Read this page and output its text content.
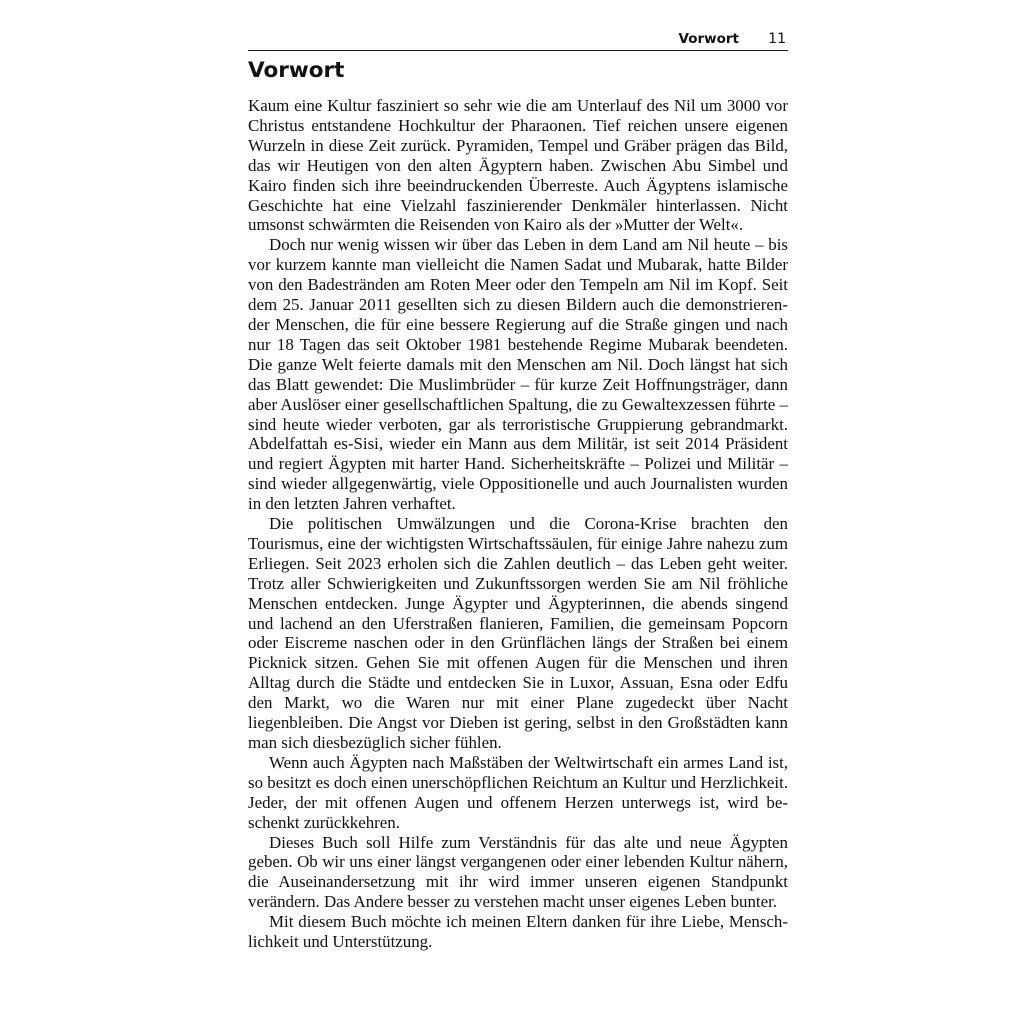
Vorwort 11
Vorwort

Kaum eine Kultur fasziniert so sehr wie die am Unterlauf des Nil um 3000 vor Christus entstandene Hochkultur der Pharaonen. Tief reichen unsere eigenen Wurzeln in diese Zeit zurück. Pyramiden, Tempel und Gräber prägen das Bild, das wir Heutigen von den alten Ägyptern haben. Zwischen Abu Simbel und Kairo finden sich ihre beeindruckenden Überreste. Auch Ägyptens islamische Geschichte hat eine Vielzahl faszinierender Denkmäler hinterlassen. Nicht umsonst schwärmten die Reisenden von Kairo als der »Mutter der Welt«.

Doch nur wenig wissen wir über das Leben in dem Land am Nil heute – bis vor kurzem kannte man vielleicht die Namen Sadat und Mubarak, hatte Bilder von den Badestränden am Roten Meer oder den Tempeln am Nil im Kopf. Seit dem 25. Januar 2011 gesellten sich zu diesen Bildern auch die demonstrierender Menschen, die für eine bessere Regierung auf die Straße gingen und nach nur 18 Tagen das seit Oktober 1981 bestehende Regime Mubarak beendeten. Die ganze Welt feierte damals mit den Menschen am Nil. Doch längst hat sich das Blatt gewendet: Die Muslimbrüder – für kurze Zeit Hoffnungsträger, dann aber Auslöser einer gesellschaftlichen Spaltung, die zu Gewaltexzessen führte – sind heute wieder verboten, gar als terroristische Gruppierung gebrandmarkt. Abdelfattah es-Sisi, wieder ein Mann aus dem Militär, ist seit 2014 Präsident und regiert Ägypten mit harter Hand. Sicherheitskräfte – Polizei und Militär – sind wieder allgegenwärtig, viele Oppositionelle und auch Journalisten wurden in den letzten Jahren verhaftet.

Die politischen Umwälzungen und die Corona-Krise brachten den Tourismus, eine der wichtigsten Wirtschaftssäulen, für einige Jahre nahezu zum Erliegen. Seit 2023 erholen sich die Zahlen deutlich – das Leben geht weiter. Trotz aller Schwierigkeiten und Zukunftssorgen werden Sie am Nil fröhliche Menschen entdecken. Junge Ägypter und Ägypterinnen, die abends singend und lachend an den Uferstraßen flanieren, Familien, die gemeinsam Popcorn oder Eiscreme naschen oder in den Grünflächen längs der Straßen bei einem Picknick sitzen. Gehen Sie mit offenen Augen für die Menschen und ihren Alltag durch die Städte und entdecken Sie in Luxor, Assuan, Esna oder Edfu den Markt, wo die Waren nur mit einer Plane zugedeckt über Nacht liegenbleiben. Die Angst vor Dieben ist gering, selbst in den Großstädten kann man sich diesbezüglich sicher fühlen.

Wenn auch Ägypten nach Maßstäben der Weltwirtschaft ein armes Land ist, so besitzt es doch einen unerschöpflichen Reichtum an Kultur und Herzlichkeit. Jeder, der mit offenen Augen und offenem Herzen unterwegs ist, wird beschenkt zurückkehren.

Dieses Buch soll Hilfe zum Verständnis für das alte und neue Ägypten geben. Ob wir uns einer längst vergangenen oder einer lebenden Kultur nähern, die Auseinandersetzung mit ihr wird immer unseren eigenen Standpunkt verändern. Das Andere besser zu verstehen macht unser eigenes Leben bunter.

Mit diesem Buch möchte ich meinen Eltern danken für ihre Liebe, Menschlichkeit und Unterstützung.
